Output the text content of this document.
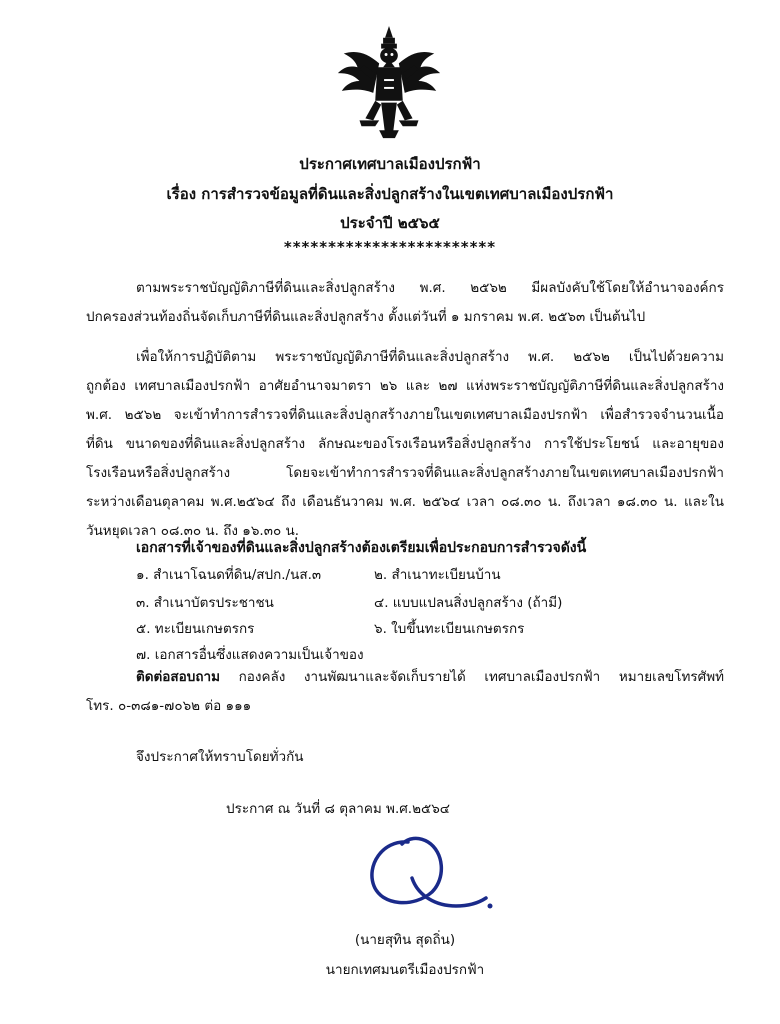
ประกาศเทศบาลเมืองปรกฟ้า
เรื่อง การสำรวจข้อมูลที่ดินและสิ่งปลูกสร้างในเขตเทศบาลเมืองปรกฟ้า
ประจำปี ๒๕๖๕
************************
ตามพระราชบัญญัติภาษีที่ดินและสิ่งปลูกสร้าง พ.ศ. ๒๕๖๒ มีผลบังคับใช้โดยให้อำนาจองค์กร
ปกครองส่วนท้องถิ่นจัดเก็บภาษีที่ดินและสิ่งปลูกสร้าง ตั้งแต่วันที่ ๑ มกราคม พ.ศ. ๒๕๖๓ เป็นต้นไป
เพื่อให้การปฏิบัติตาม พระราชบัญญัติภาษีที่ดินและสิ่งปลูกสร้าง พ.ศ. ๒๕๖๒ เป็นไปด้วยความ
ถูกต้อง เทศบาลเมืองปรกฟ้า อาศัยอำนาจมาตรา ๒๖ และ ๒๗ แห่งพระราชบัญญัติภาษีที่ดินและสิ่งปลูกสร้าง
พ.ศ. ๒๕๖๒ จะเข้าทำการสำรวจที่ดินและสิ่งปลูกสร้างภายในเขตเทศบาลเมืองปรกฟ้า เพื่อสำรวจจำนวนเนื้อ
ที่ดิน ขนาดของที่ดินและสิ่งปลูกสร้าง ลักษณะของโรงเรือนหรือสิ่งปลูกสร้าง การใช้ประโยชน์ และอายุของ
โรงเรือนหรือสิ่งปลูกสร้าง โดยจะเข้าทำการสำรวจที่ดินและสิ่งปลูกสร้างภายในเขตเทศบาลเมืองปรกฟ้า
ระหว่างเดือนตุลาคม พ.ศ.๒๕๖๔ ถึง เดือนธันวาคม พ.ศ. ๒๕๖๔ เวลา ๐๘.๓๐ น. ถึงเวลา ๑๘.๓๐ น. และใน
วันหยุดเวลา ๐๘.๓๐ น. ถึง ๑๖.๓๐ น.
เอกสารที่เจ้าของที่ดินและสิ่งปลูกสร้างต้องเตรียมเพื่อประกอบการสำรวจดังนี้
๑. สำเนาโฉนดที่ดิน/สปก./นส.๓	๒. สำเนาทะเบียนบ้าน
๓. สำเนาบัตรประชาชน	๔. แบบแปลนสิ่งปลูกสร้าง (ถ้ามี)
๕. ทะเบียนเกษตรกร	๖. ใบขึ้นทะเบียนเกษตรกร
๗. เอกสารอื่นซึ่งแสดงความเป็นเจ้าของ
ติดต่อสอบถาม กองคลัง งานพัฒนาและจัดเก็บรายได้ เทศบาลเมืองปรกฟ้า หมายเลขโทรศัพท์
โทร. ๐-๓๘๑-๗๐๖๒ ต่อ ๑๑๑
จึงประกาศให้ทราบโดยทั่วกัน
ประกาศ ณ วันที่ ๘ ตุลาคม พ.ศ.๒๕๖๔
(นายสุทิน สุดถิ่น)
นายกเทศมนตรีเมืองปรกฟ้า
